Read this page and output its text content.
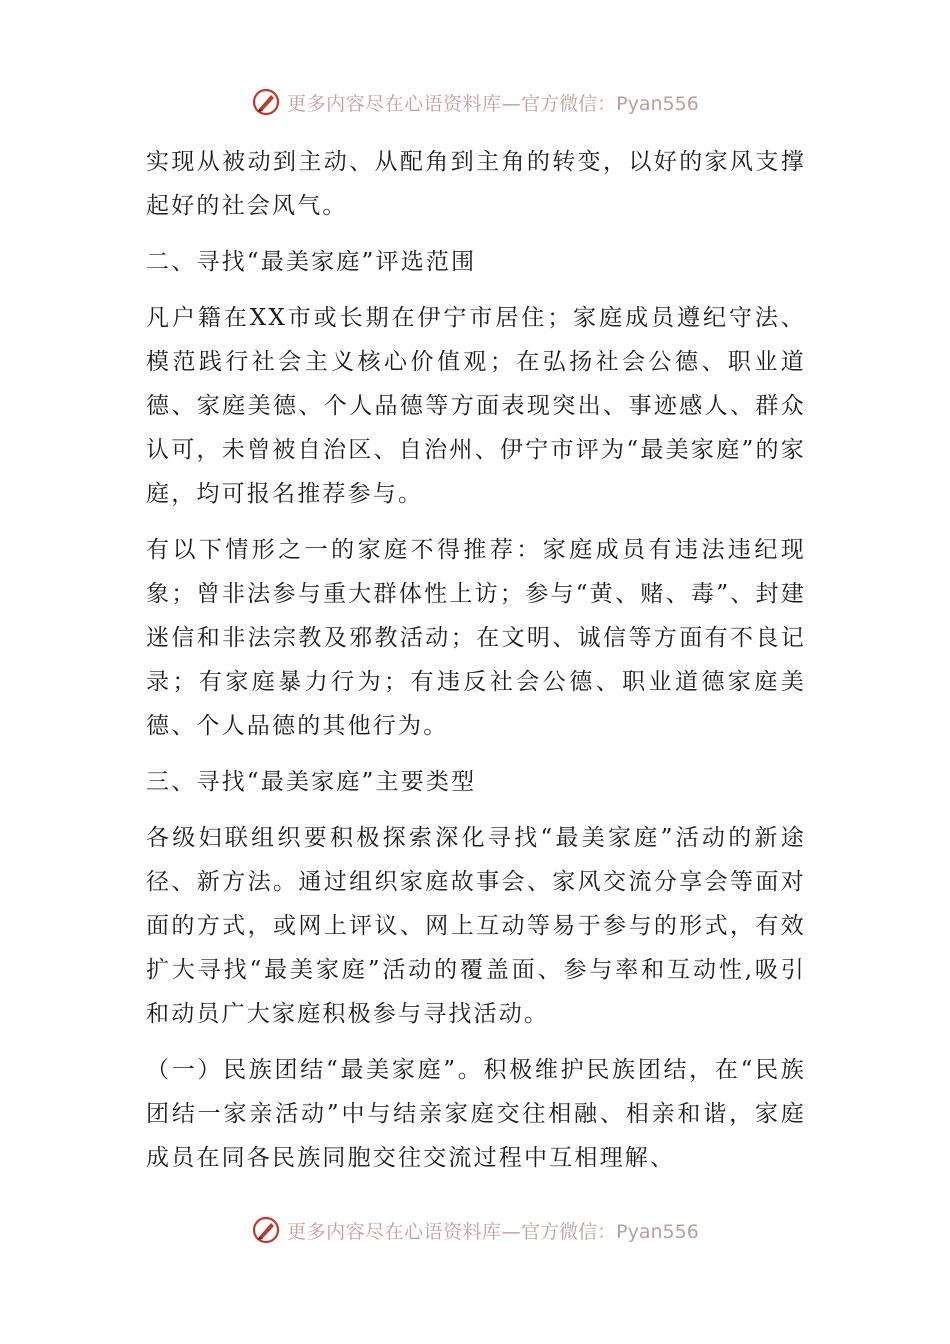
更多内容尽在心语资料库— 官方微信：Pyan556

实现从被动到主动、从配角到主角的转变，以好的家风支撑起好的社会风气。

二、寻找“最美家庭”评选范围

凡户籍在XX市或长期在伊宁市居住；家庭成员遵纪守法、模范践行社会主义核心价值观；在弘扬社会公德、职业道德、家庭美德、个人品德等方面表现突出、事迹感人、群众认可，未曾被自治区、自治州、伊宁市评为“最美家庭”的家庭，均可报名推荐参与。

有以下情形之一的家庭不得推荐：家庭成员有违法违纪现象；曾非法参与重大群体性上访；参与“黄、赌、毒”、封建迷信和非法宗教及邪教活动；在文明、诚信等方面有不良记录；有家庭暴力行为；有违反社会公德、职业道德家庭美德、个人品德的其他行为。

三、寻找“最美家庭”主要类型

各级妇联组织要积极探索深化寻找“最美家庭”活动的新途径、新方法。通过组织家庭故事会、家风交流分享会等面对面的方式，或网上评议、网上互动等易于参与的形式，有效扩大寻找“最美家庭”活动的覆盖面、参与率和互动性,吸引和动员广大家庭积极参与寻找活动。

（一）民族团结“最美家庭”。积极维护民族团结，在“民族团结一家亲活动”中与结亲家庭交往相融、相亲和谐，家庭成员在同各民族同胞交往交流过程中互相理解、

更多内容尽在心语资料库— 官方微信：Pyan556
